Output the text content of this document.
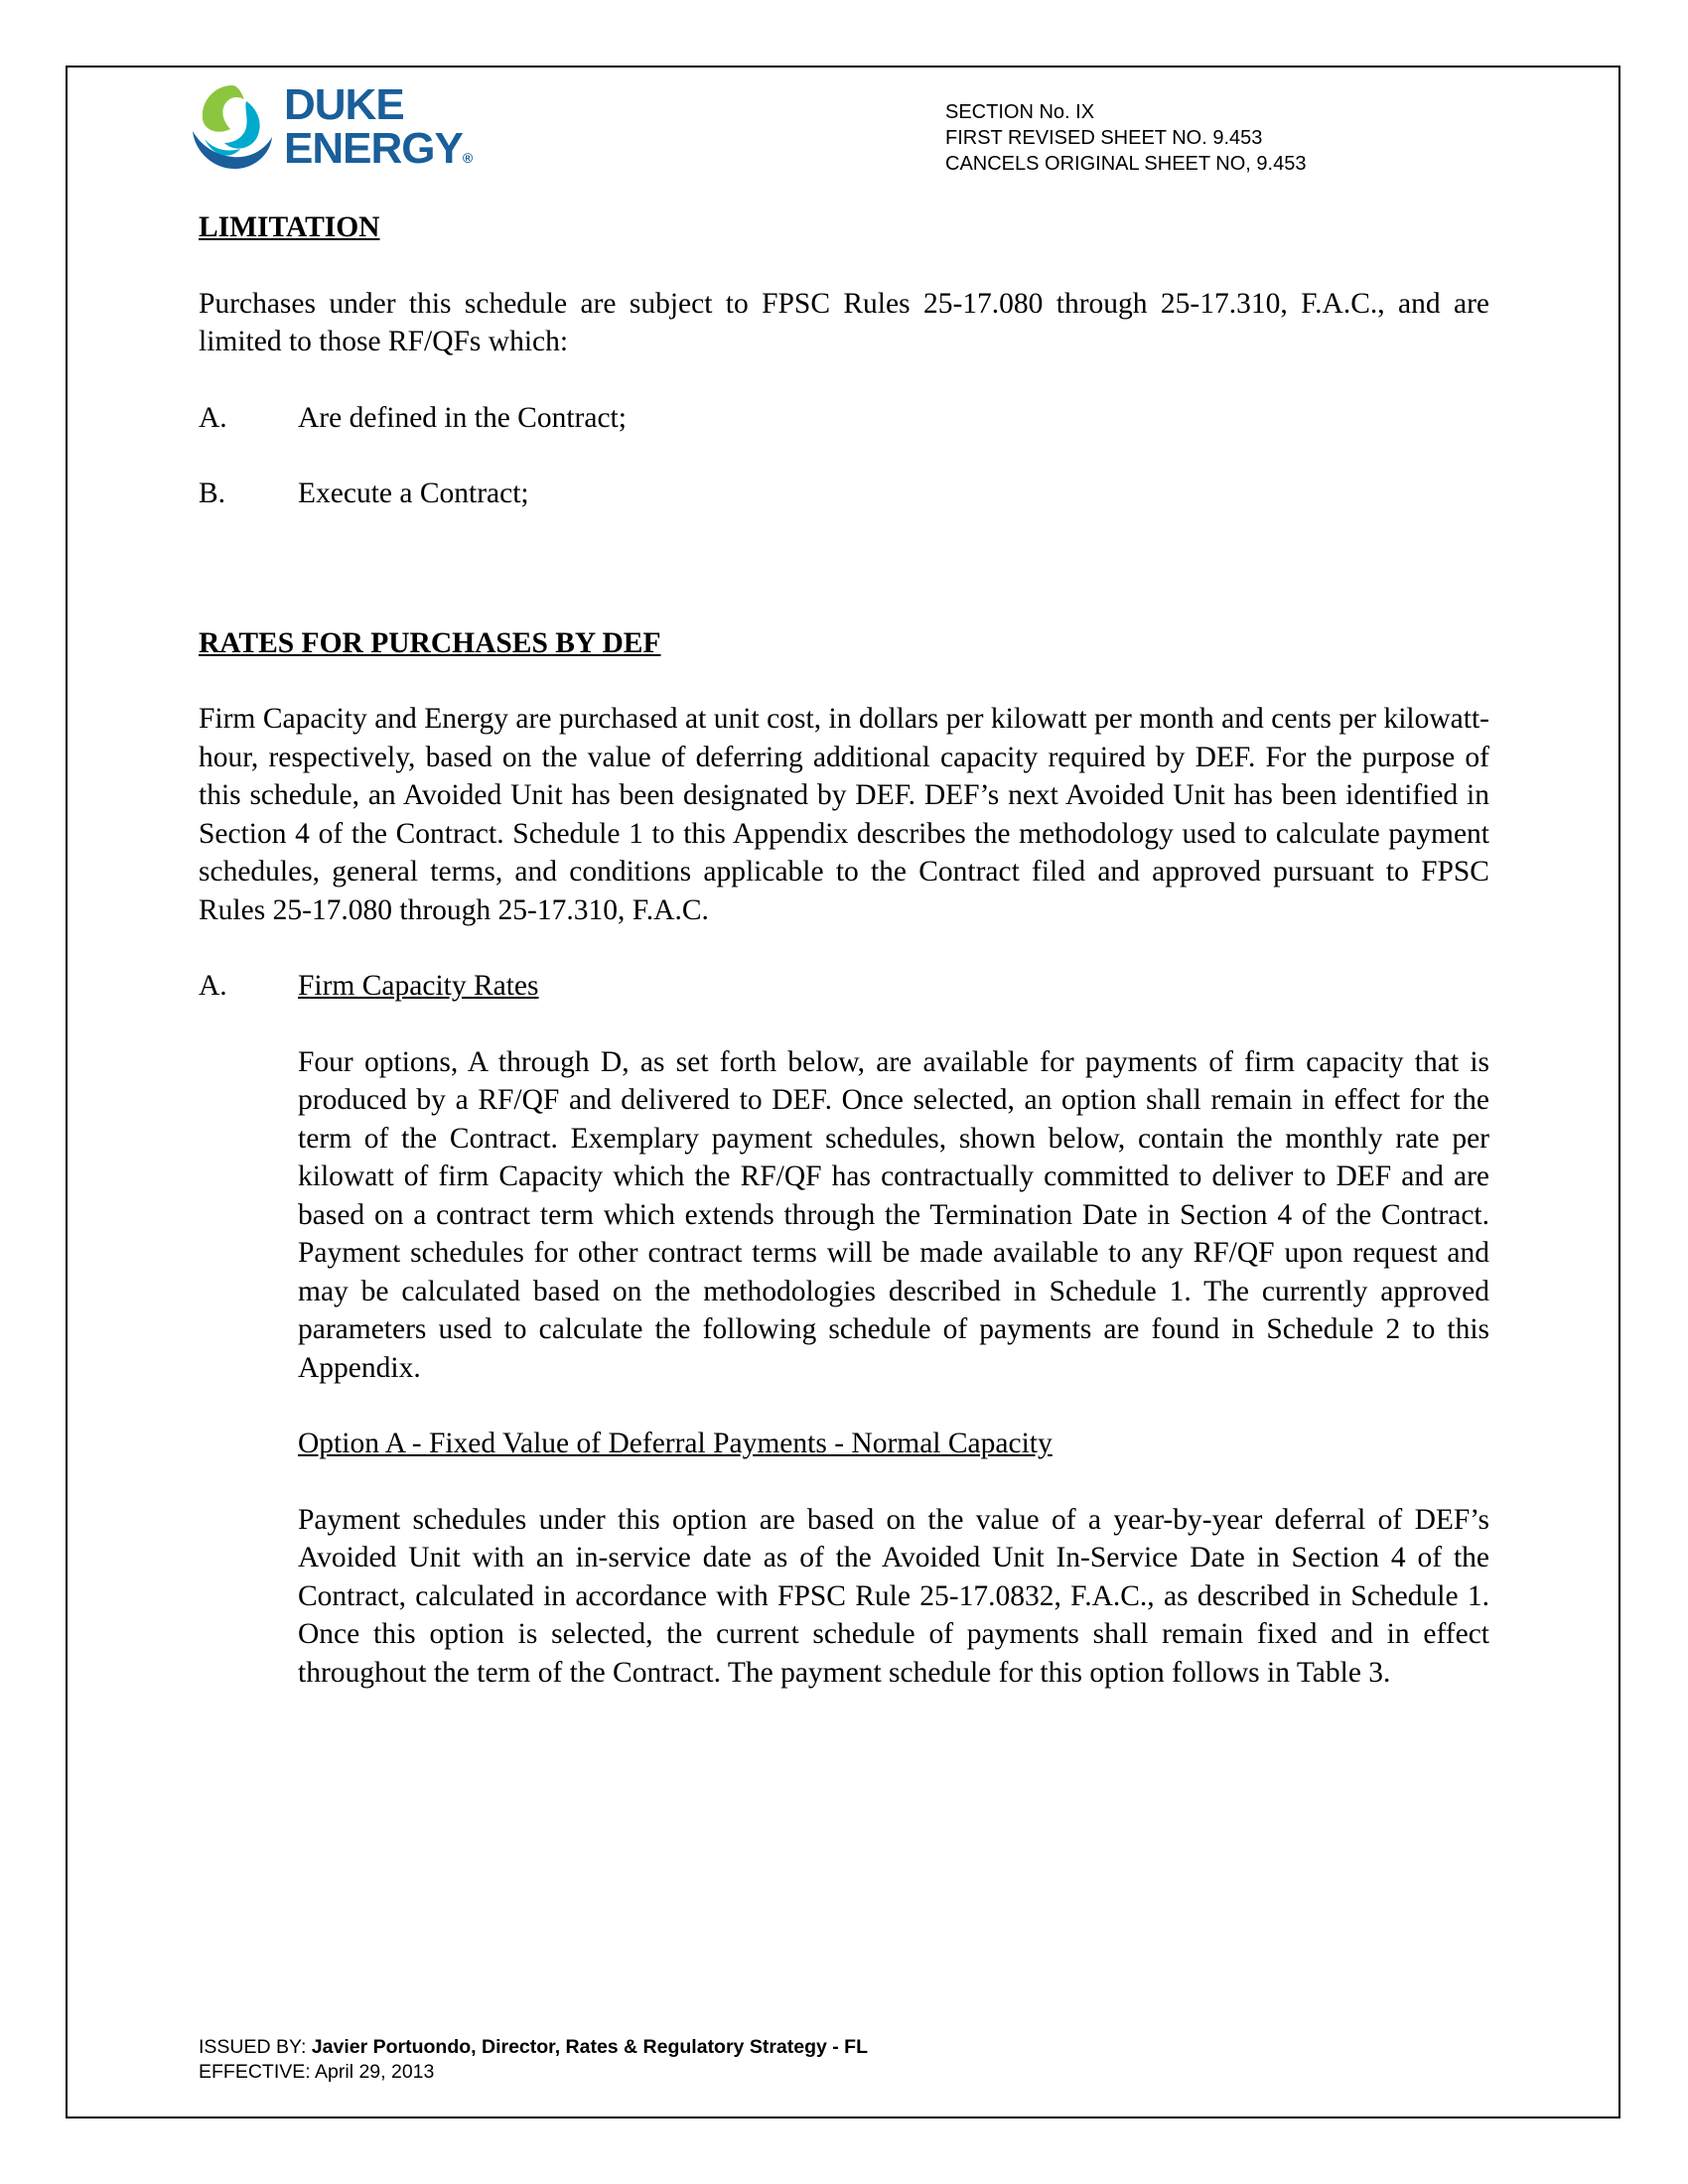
DUKE
ENERGY®
SECTION No. IX
FIRST REVISED SHEET NO. 9.453
CANCELS ORIGINAL SHEET NO, 9.453
LIMITATION

Purchases under this schedule are subject to FPSC Rules 25-17.080 through 25-17.310, F.A.C., and are limited to those RF/QFs which:

A.	Are defined in the Contract;
B.	Execute a Contract;
RATES FOR PURCHASES BY DEF

Firm Capacity and Energy are purchased at unit cost, in dollars per kilowatt per month and cents per kilowatt-hour, respectively, based on the value of deferring additional capacity required by DEF. For the purpose of this schedule, an Avoided Unit has been designated by DEF. DEF’s next Avoided Unit has been identified in Section 4 of the Contract. Schedule 1 to this Appendix describes the methodology used to calculate payment schedules, general terms, and conditions applicable to the Contract filed and approved pursuant to FPSC Rules 25-17.080 through 25-17.310, F.A.C.

A.	Firm Capacity Rates

Four options, A through D, as set forth below, are available for payments of firm capacity that is produced by a RF/QF and delivered to DEF. Once selected, an option shall remain in effect for the term of the Contract. Exemplary payment schedules, shown below, contain the monthly rate per kilowatt of firm Capacity which the RF/QF has contractually committed to deliver to DEF and are based on a contract term which extends through the Termination Date in Section 4 of the Contract. Payment schedules for other contract terms will be made available to any RF/QF upon request and may be calculated based on the methodologies described in Schedule 1. The currently approved parameters used to calculate the following schedule of payments are found in Schedule 2 to this Appendix.

Option A - Fixed Value of Deferral Payments - Normal Capacity

Payment schedules under this option are based on the value of a year-by-year deferral of DEF’s Avoided Unit with an in-service date as of the Avoided Unit In-Service Date in Section 4 of the Contract, calculated in accordance with FPSC Rule 25-17.0832, F.A.C., as described in Schedule 1. Once this option is selected, the current schedule of payments shall remain fixed and in effect throughout the term of the Contract. The payment schedule for this option follows in Table 3.

ISSUED BY: Javier Portuondo, Director, Rates & Regulatory Strategy - FL
EFFECTIVE: April 29, 2013
